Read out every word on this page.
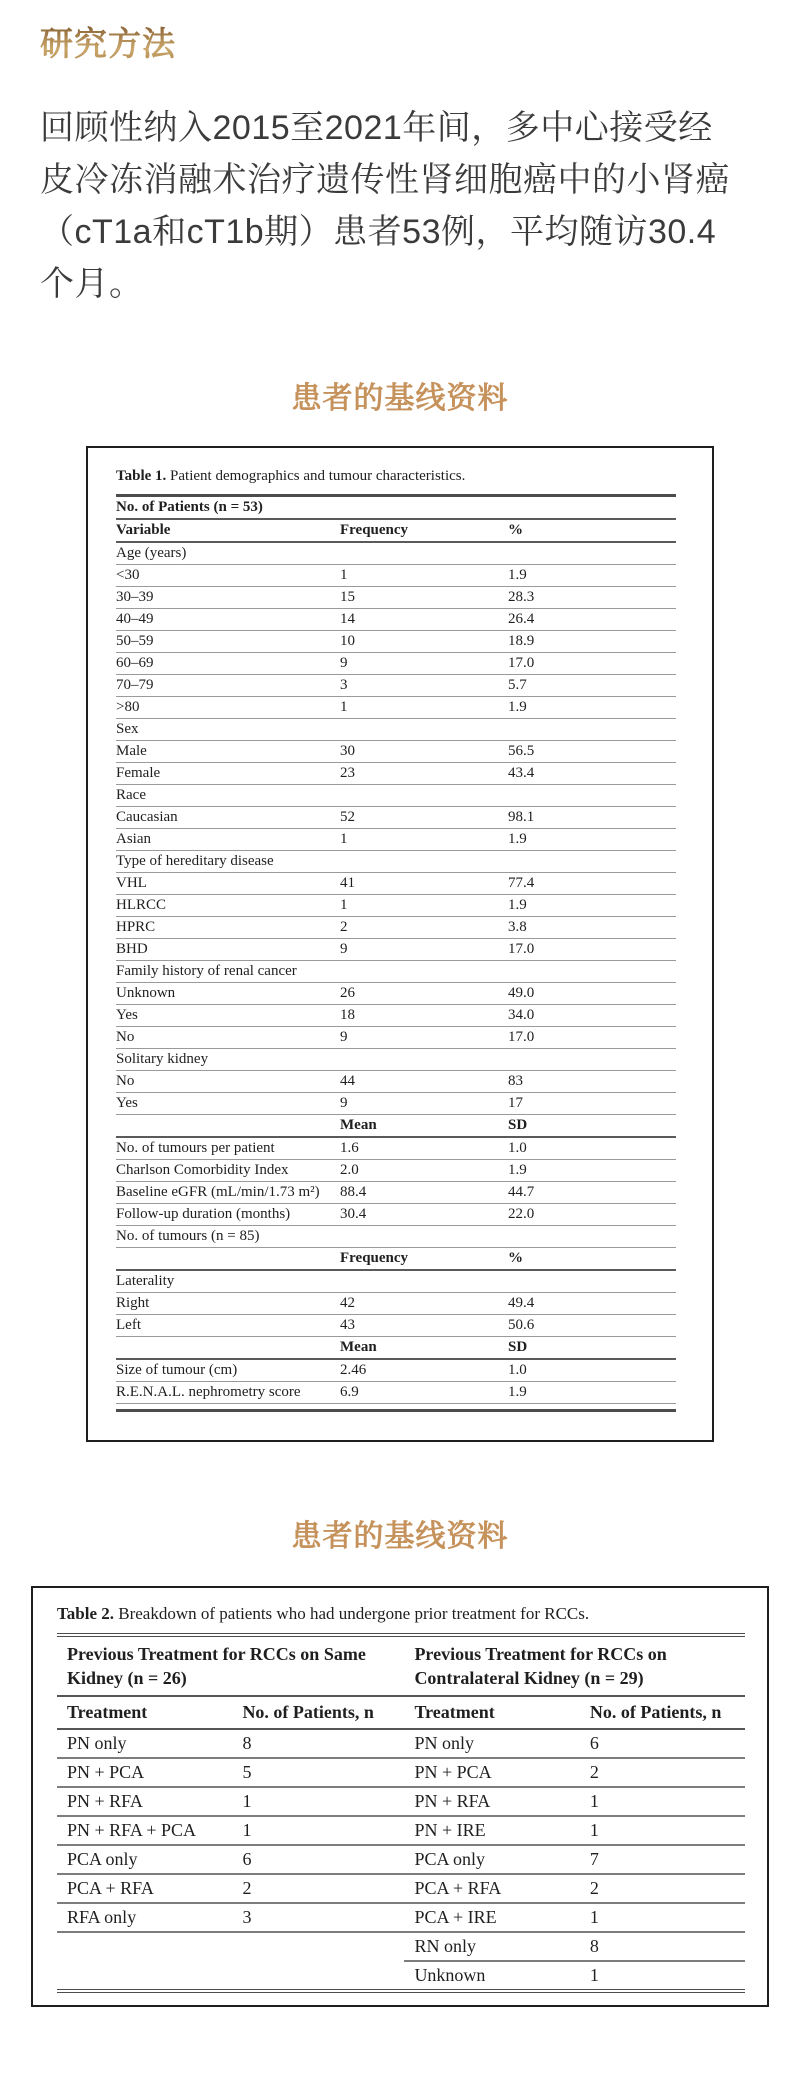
研究方法
回顾性纳入2015至2021年间，多中心接受经
皮冷冻消融术治疗遗传性肾细胞癌中的小肾癌
（cT1a和cT1b期）患者53例，平均随访30.4
个月。
患者的基线资料

Table 1. Patient demographics and tumour characteristics.

No. of Patients (n = 53)		
Variable	Frequency	%
Age (years)		
<30	1	1.9
30–39	15	28.3
40–49	14	26.4
50–59	10	18.9
60–69	9	17.0
70–79	3	5.7
>80	1	1.9
Sex		
Male	30	56.5
Female	23	43.4
Race		
Caucasian	52	98.1
Asian	1	1.9
Type of hereditary disease		
VHL	41	77.4
HLRCC	1	1.9
HPRC	2	3.8
BHD	9	17.0
Family history of renal cancer		
Unknown	26	49.0
Yes	18	34.0
No	9	17.0
Solitary kidney		
No	44	83
Yes	9	17
	Mean	SD
No. of tumours per patient	1.6	1.0
Charlson Comorbidity Index	2.0	1.9
Baseline eGFR (mL/min/1.73 m²)	88.4	44.7
Follow-up duration (months)	30.4	22.0
No. of tumours (n = 85)		
	Frequency	%
Laterality		
Right	42	49.4
Left	43	50.6
	Mean	SD
Size of tumour (cm)	2.46	1.0
R.E.N.A.L. nephrometry score	6.9	1.9
患者的基线资料

Table 2. Breakdown of patients who had undergone prior treatment for RCCs.

Previous Treatment for RCCs on Same Kidney (n = 26)		Previous Treatment for RCCs on Contralateral Kidney (n = 29)	
Treatment	No. of Patients, n	Treatment	No. of Patients, n
PN only	8	PN only	6
PN + PCA	5	PN + PCA	2
PN + RFA	1	PN + RFA	1
PN + RFA + PCA	1	PN + IRE	1
PCA only	6	PCA only	7
PCA + RFA	2	PCA + RFA	2
RFA only	3	PCA + IRE	1
		RN only	8
		Unknown	1
